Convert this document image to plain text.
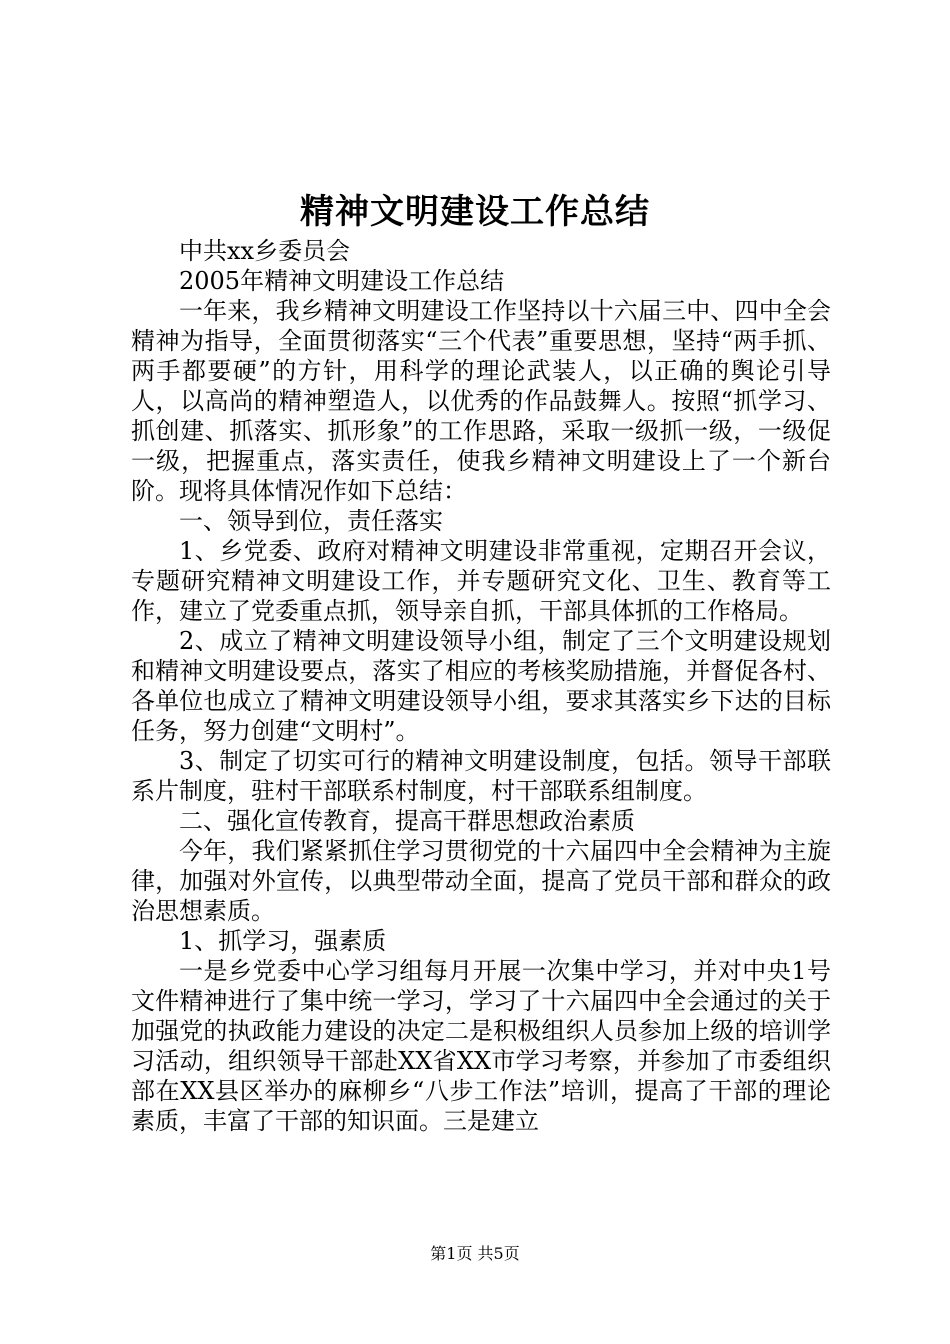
精神文明建设工作总结

中共xx乡委员会

2005年精神文明建设工作总结

一年来，我乡精神文明建设工作坚持以十六届三中、四中全会精神为指导，全面贯彻落实“三个代表”重要思想，坚持“两手抓、两手都要硬”的方针，用科学的理论武装人，以正确的舆论引导人，以高尚的精神塑造人，以优秀的作品鼓舞人。按照“抓学习、抓创建、抓落实、抓形象”的工作思路，采取一级抓一级，一级促一级，把握重点，落实责任，使我乡精神文明建设上了一个新台阶。现将具体情况作如下总结：

一、领导到位，责任落实

1、乡党委、政府对精神文明建设非常重视，定期召开会议，专题研究精神文明建设工作，并专题研究文化、卫生、教育等工作，建立了党委重点抓，领导亲自抓，干部具体抓的工作格局。

2、成立了精神文明建设领导小组，制定了三个文明建设规划和精神文明建设要点，落实了相应的考核奖励措施，并督促各村、各单位也成立了精神文明建设领导小组，要求其落实乡下达的目标任务，努力创建“文明村”。

3、制定了切实可行的精神文明建设制度，包括。领导干部联系片制度，驻村干部联系村制度，村干部联系组制度。

二、强化宣传教育，提高干群思想政治素质

今年，我们紧紧抓住学习贯彻党的十六届四中全会精神为主旋律，加强对外宣传，以典型带动全面，提高了党员干部和群众的政治思想素质。

1、抓学习，强素质

一是乡党委中心学习组每月开展一次集中学习，并对中央1号文件精神进行了集中统一学习，学习了十六届四中全会通过的关于加强党的执政能力建设的决定二是积极组织人员参加上级的培训学习活动，组织领导干部赴XX省XX市学习考察，并参加了市委组织部在XX县区举办的麻柳乡“八步工作法”培训，提高了干部的理论素质，丰富了干部的知识面。三是建立

第1页 共5页
